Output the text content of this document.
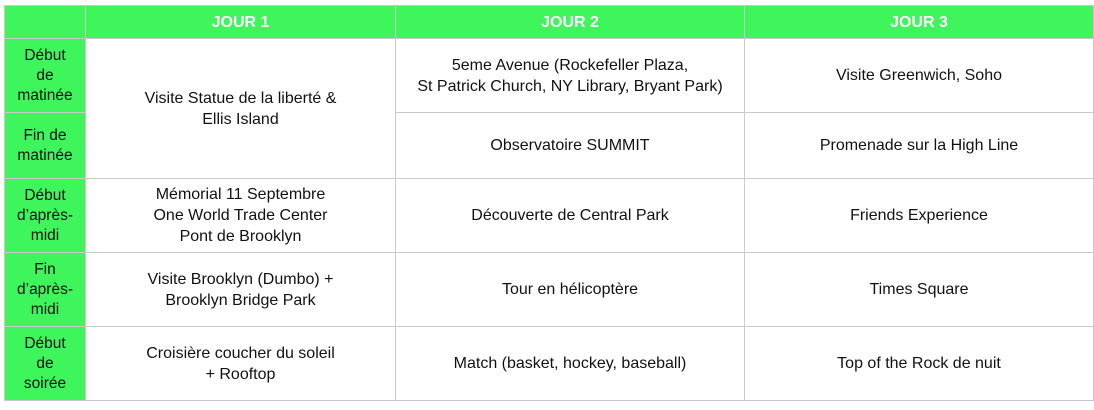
	JOUR 1	JOUR 2	JOUR 3

Début
de
matinée	Visite Statue de la liberté &
Ellis Island	5eme Avenue (Rockefeller Plaza,
St Patrick Church, NY Library, Bryant Park)	Visite Greenwich, Soho

Fin de
matinée		Observatoire SUMMIT	Promenade sur la High Line

Début
d’après-
midi	Mémorial 11 Septembre
One World Trade Center
Pont de Brooklyn	Découverte de Central Park	Friends Experience

Fin
d’après-
midi	Visite Brooklyn (Dumbo) +
Brooklyn Bridge Park	Tour en hélicoptère	Times Square

Début
de
soirée	Croisière coucher du soleil
+ Rooftop	Match (basket, hockey, baseball)	Top of the Rock de nuit
